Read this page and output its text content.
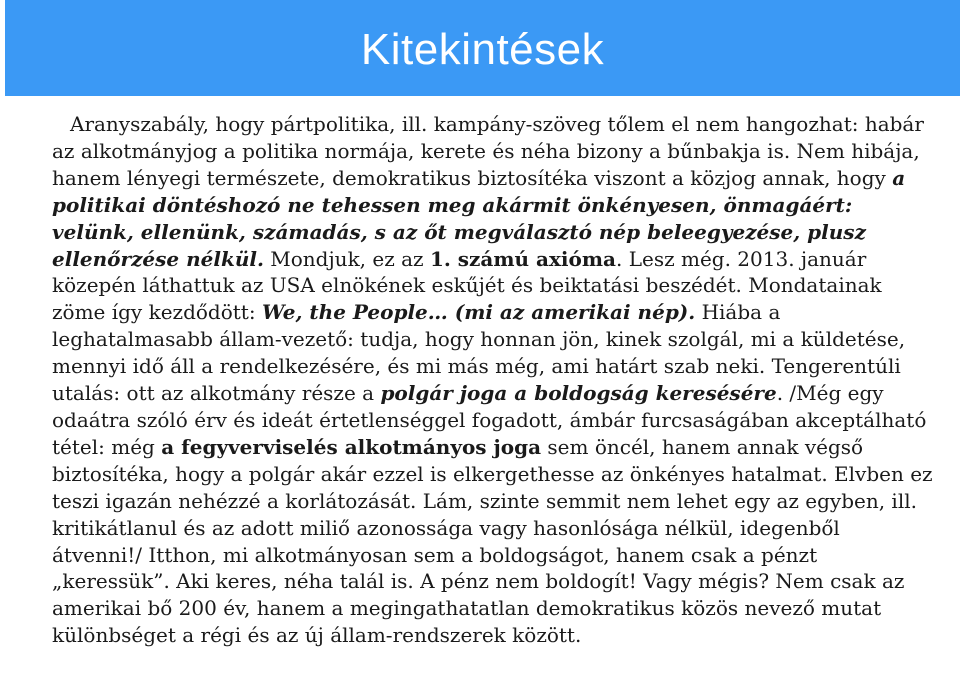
Kitekintések

Aranyszabály, hogy pártpolitika, ill. kampány-szöveg tőlem el nem hangozhat: habár az alkotmányjog a politika normája, kerete és néha bizony a bűnbakja is. Nem hibája, hanem lényegi természete, demokratikus biztosítéka viszont a közjog annak, hogy a politikai döntéshozó ne tehessen meg akármit önkényesen, önmagáért: velünk, ellenünk, számadás, s az őt megválasztó nép beleegyezése, plusz ellenőrzése nélkül. Mondjuk, ez az 1. számú axióma. Lesz még. 2013. január közepén láthattuk az USA elnökének eskűjét és beiktatási beszédét. Mondatainak zöme így kezdődött: We, the People… (mi az amerikai nép). Hiába a leghatalmasabb állam-vezető: tudja, hogy honnan jön, kinek szolgál, mi a küldetése, mennyi idő áll a rendelkezésére, és mi más még, ami határt szab neki. Tengerentúli utalás: ott az alkotmány része a polgár joga a boldogság keresésére. /Még egy odaátra szóló érv és ideát értetlenséggel fogadott, ámbár furcsaságában akceptálható tétel: még a fegyverviselés alkotmányos joga sem öncél, hanem annak végső biztosítéka, hogy a polgár akár ezzel is elkergethesse az önkényes hatalmat. Elvben ez teszi igazán nehézzé a korlátozását. Lám, szinte semmit nem lehet egy az egyben, ill. kritikátlanul és az adott miliő azonossága vagy hasonlósága nélkül, idegenből átvenni!/ Itthon, mi alkotmányosan sem a boldogságot, hanem csak a pénzt „keressük”. Aki keres, néha talál is. A pénz nem boldogít! Vagy mégis? Nem csak az amerikai bő 200 év, hanem a megingathatatlan demokratikus közös nevező mutat különbséget a régi és az új állam-rendszerek között.
